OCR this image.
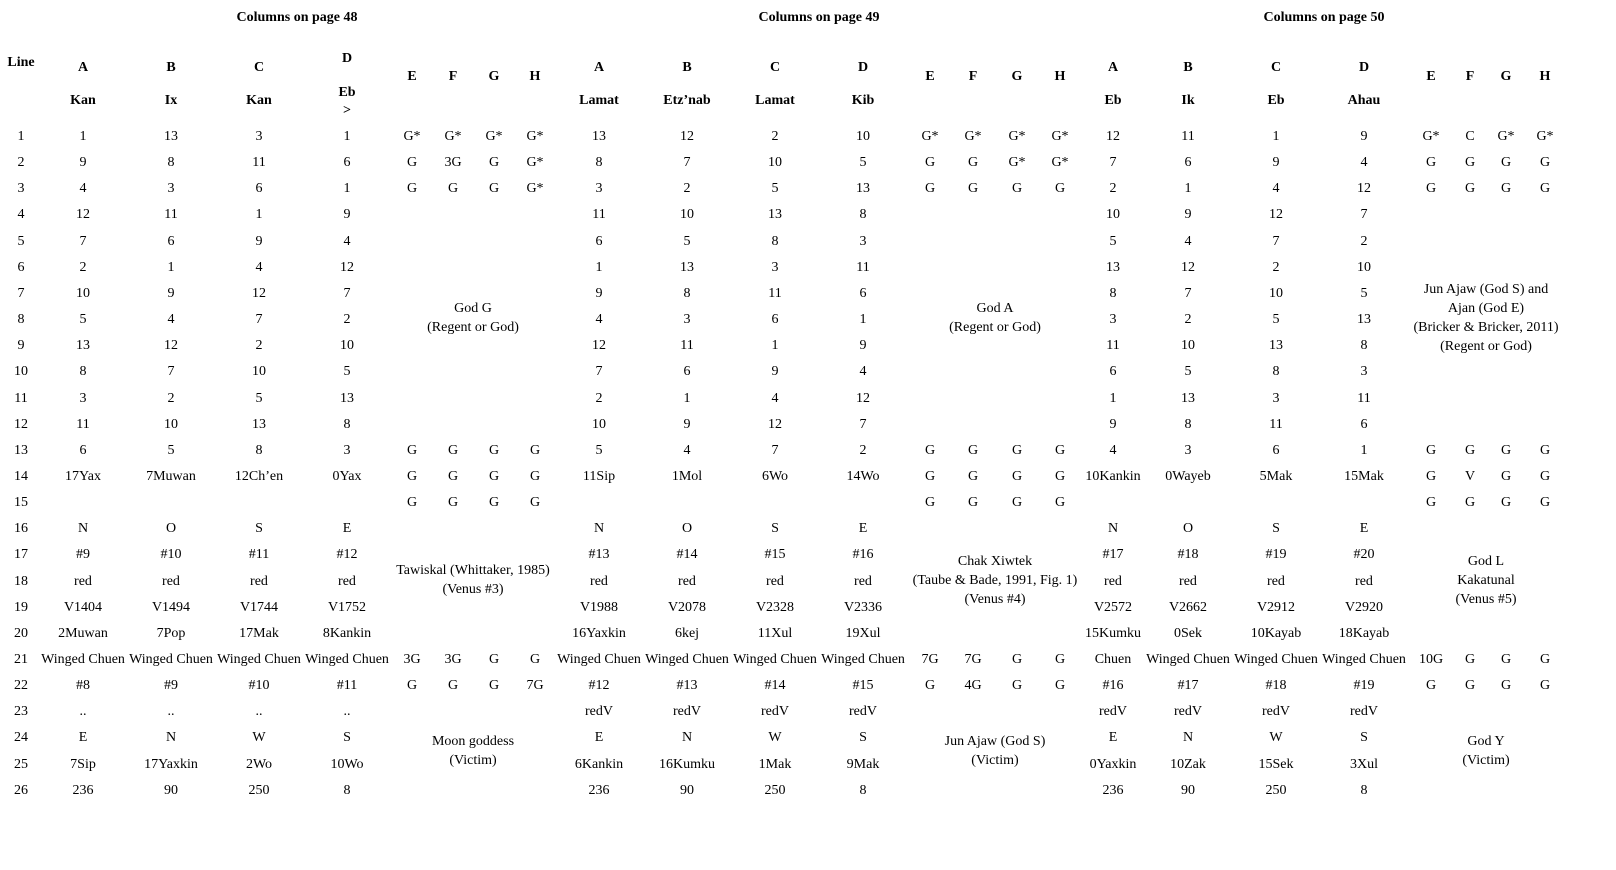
Line
1
2
3
4
5
6
7
8
9
10
11
12
13
14
15
16
17
18
19
20
21
22
23
24
25
26
Columns on page 48
A
Kan
1
9
4
12
7
2
10
5
13
8
3
11
6
17Yax
N
#9
red
V1404
2Muwan
Winged Chuen
#8
..
E
7Sip
236
B
Ix
13
8
3
11
6
1
9
4
12
7
2
10
5
7Muwan
O
#10
red
V1494
7Pop
Winged Chuen
#9
..
N
17Yaxkin
90
C
Kan
3
11
6
1
9
4
12
7
2
10
5
13
8
12Ch’en
S
#11
red
V1744
17Mak
Winged Chuen
#10
..
W
2Wo
250
D
Eb
>
1
6
1
9
4
12
7
2
10
5
13
8
3
0Yax
E
#12
red
V1752
8Kankin
Winged Chuen
#11
..
S
10Wo
8
E
G*
G
G
G
G
G
3G
G
F
G*
3G
G
G
G
G
3G
G
G
G*
G
G
G
G
G
G
G
H
G*
G*
G*
G
G
G
G
7G
God G
(Regent or God)
Tawiskal (Whittaker, 1985)
(Venus #3)
Moon goddess
(Victim)
Columns on page 49
A
Lamat
13
8
3
11
6
1
9
4
12
7
2
10
5
11Sip
N
#13
red
V1988
16Yaxkin
Winged Chuen
#12
redV
E
6Kankin
236
B
Etz’nab
12
7
2
10
5
13
8
3
11
6
1
9
4
1Mol
O
#14
red
V2078
6kej
Winged Chuen
#13
redV
N
16Kumku
90
C
Lamat
2
10
5
13
8
3
11
6
1
9
4
12
7
6Wo
S
#15
red
V2328
11Xul
Winged Chuen
#14
redV
W
1Mak
250
D
Kib
10
5
13
8
3
11
6
1
9
4
12
7
2
14Wo
E
#16
red
V2336
19Xul
Winged Chuen
#15
redV
S
9Mak
8
E
G*
G
G
G
G
G
7G
G
F
G*
G
G
G
G
G
7G
4G
G
G*
G*
G
G
G
G
G
G
H
G*
G*
G
G
G
G
G
G
God A
(Regent or God)
Chak Xiwtek
(Taube & Bade, 1991, Fig. 1)
(Venus #4)
Jun Ajaw (God S)
(Victim)
Columns on page 50
A
Eb
12
7
2
10
5
13
8
3
11
6
1
9
4
10Kankin
N
#17
red
V2572
15Kumku
Chuen
#16
redV
E
0Yaxkin
236
B
Ik
11
6
1
9
4
12
7
2
10
5
13
8
3
0Wayeb
O
#18
red
V2662
0Sek
Winged Chuen
#17
redV
N
10Zak
90
C
Eb
1
9
4
12
7
2
10
5
13
8
3
11
6
5Mak
S
#19
red
V2912
10Kayab
Winged Chuen
#18
redV
W
15Sek
250
D
Ahau
9
4
12
7
2
10
5
13
8
3
11
6
1
15Mak
E
#20
red
V2920
18Kayab
Winged Chuen
#19
redV
S
3Xul
8
E
G*
G
G
G
G
G
10G
G
F
C
G
G
G
V
G
G
G
G
G*
G
G
G
G
G
G
G
H
G*
G
G
G
G
G
G
G
Jun Ajaw (God S) and
Ajan (God E)
(Bricker & Bricker, 2011)
(Regent or God)
God L
Kakatunal
(Venus #5)
God Y
(Victim)
